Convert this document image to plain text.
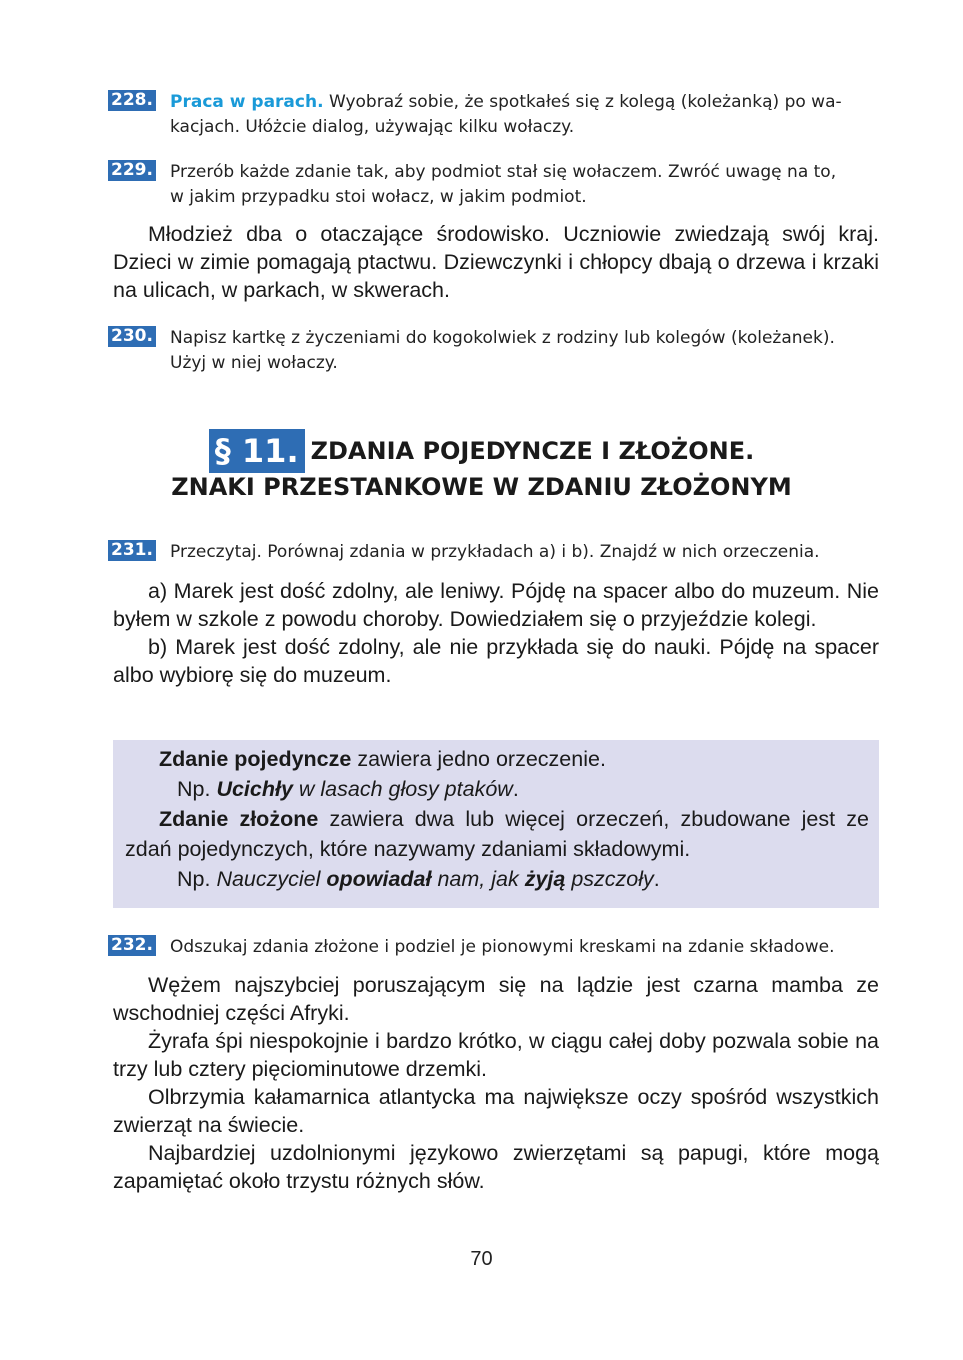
228. Praca w parach. Wyobraź sobie, że spotkałeś się z kolegą (koleżanką) po wa-
kacjach. Ułóżcie dialog, używając kilku wołaczy.
229. Przerób każde zdanie tak, aby podmiot stał się wołaczem. Zwróć uwagę na to,
w jakim przypadku stoi wołacz, w jakim podmiot.

Młodzież dba o otaczające środowisko. Uczniowie zwiedzają swój kraj. Dzieci w zimie pomagają ptactwu. Dziewczynki i chłopcy dbają o drzewa i krzaki na ulicach, w parkach, w skwerach.

230. Napisz kartkę z życzeniami do kogokolwiek z rodziny lub kolegów (koleżanek).
Użyj w niej wołaczy.
§ 11. ZDANIA POJEDYNCZE I ZŁOŻONE.
ZNAKI PRZESTANKOWE W ZDANIU ZŁOŻONYM
231. Przeczytaj. Porównaj zdania w przykładach a) i b). Znajdź w nich orzeczenia.

a) Marek jest dość zdolny, ale leniwy. Pójdę na spacer albo do muzeum. Nie byłem w szkole z powodu choroby. Dowiedziałem się o przyjeździe kolegi.

b) Marek jest dość zdolny, ale nie przykłada się do nauki. Pójdę na spacer albo wybiorę się do muzeum.

Zdanie pojedyncze zawiera jedno orzeczenie.

Np. Ucichły w lasach głosy ptaków.

Zdanie złożone zawiera dwa lub więcej orzeczeń, zbudowane jest ze zdań pojedynczych, które nazywamy zdaniami składowymi.

Np. Nauczyciel opowiadał nam, jak żyją pszczoły.

232. Odszukaj zdania złożone i podziel je pionowymi kreskami na zdanie składowe.

Wężem najszybciej poruszającym się na lądzie jest czarna mamba ze wschodniej części Afryki.

Żyrafa śpi niespokojnie i bardzo krótko, w ciągu całej doby pozwala sobie na trzy lub cztery pięciominutowe drzemki.

Olbrzymia kałamarnica atlantycka ma największe oczy spośród wszystkich zwierząt na świecie.

Najbardziej uzdolnionymi językowo zwierzętami są papugi, które mogą zapamiętać około trzystu różnych słów.

70
